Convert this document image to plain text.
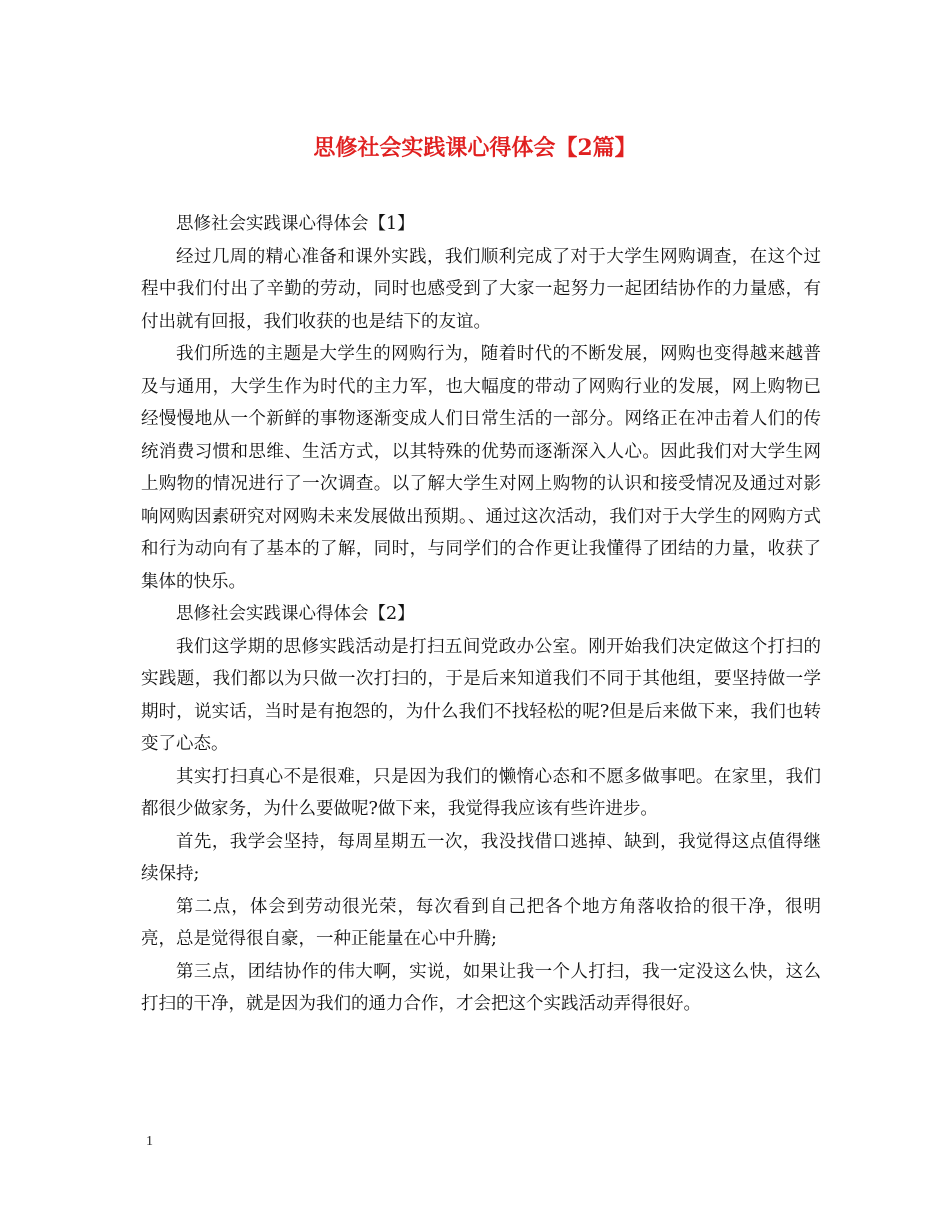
思修社会实践课心得体会【2篇】

思修社会实践课心得体会【1】

经过几周的精心准备和课外实践，我们顺利完成了对于大学生网购调查，在这个过程中我们付出了辛勤的劳动，同时也感受到了大家一起努力一起团结协作的力量感，有付出就有回报，我们收获的也是结下的友谊。

我们所选的主题是大学生的网购行为，随着时代的不断发展，网购也变得越来越普及与通用，大学生作为时代的主力军，也大幅度的带动了网购行业的发展，网上购物已经慢慢地从一个新鲜的事物逐渐变成人们日常生活的一部分。网络正在冲击着人们的传统消费习惯和思维、生活方式，以其特殊的优势而逐渐深入人心。因此我们对大学生网上购物的情况进行了一次调查。以了解大学生对网上购物的认识和接受情况及通过对影响网购因素研究对网购未来发展做出预期。、通过这次活动，我们对于大学生的网购方式和行为动向有了基本的了解，同时，与同学们的合作更让我懂得了团结的力量，收获了集体的快乐。

思修社会实践课心得体会【2】

我们这学期的思修实践活动是打扫五间党政办公室。刚开始我们决定做这个打扫的实践题，我们都以为只做一次打扫的，于是后来知道我们不同于其他组，要坚持做一学期时，说实话，当时是有抱怨的，为什么我们不找轻松的呢?但是后来做下来，我们也转变了心态。

其实打扫真心不是很难，只是因为我们的懒惰心态和不愿多做事吧。在家里，我们都很少做家务，为什么要做呢?做下来，我觉得我应该有些许进步。

首先，我学会坚持，每周星期五一次，我没找借口逃掉、缺到，我觉得这点值得继续保持;

第二点，体会到劳动很光荣，每次看到自己把各个地方角落收拾的很干净，很明亮，总是觉得很自豪，一种正能量在心中升腾;

第三点，团结协作的伟大啊，实说，如果让我一个人打扫，我一定没这么快，这么打扫的干净，就是因为我们的通力合作，才会把这个实践活动弄得很好。

1
